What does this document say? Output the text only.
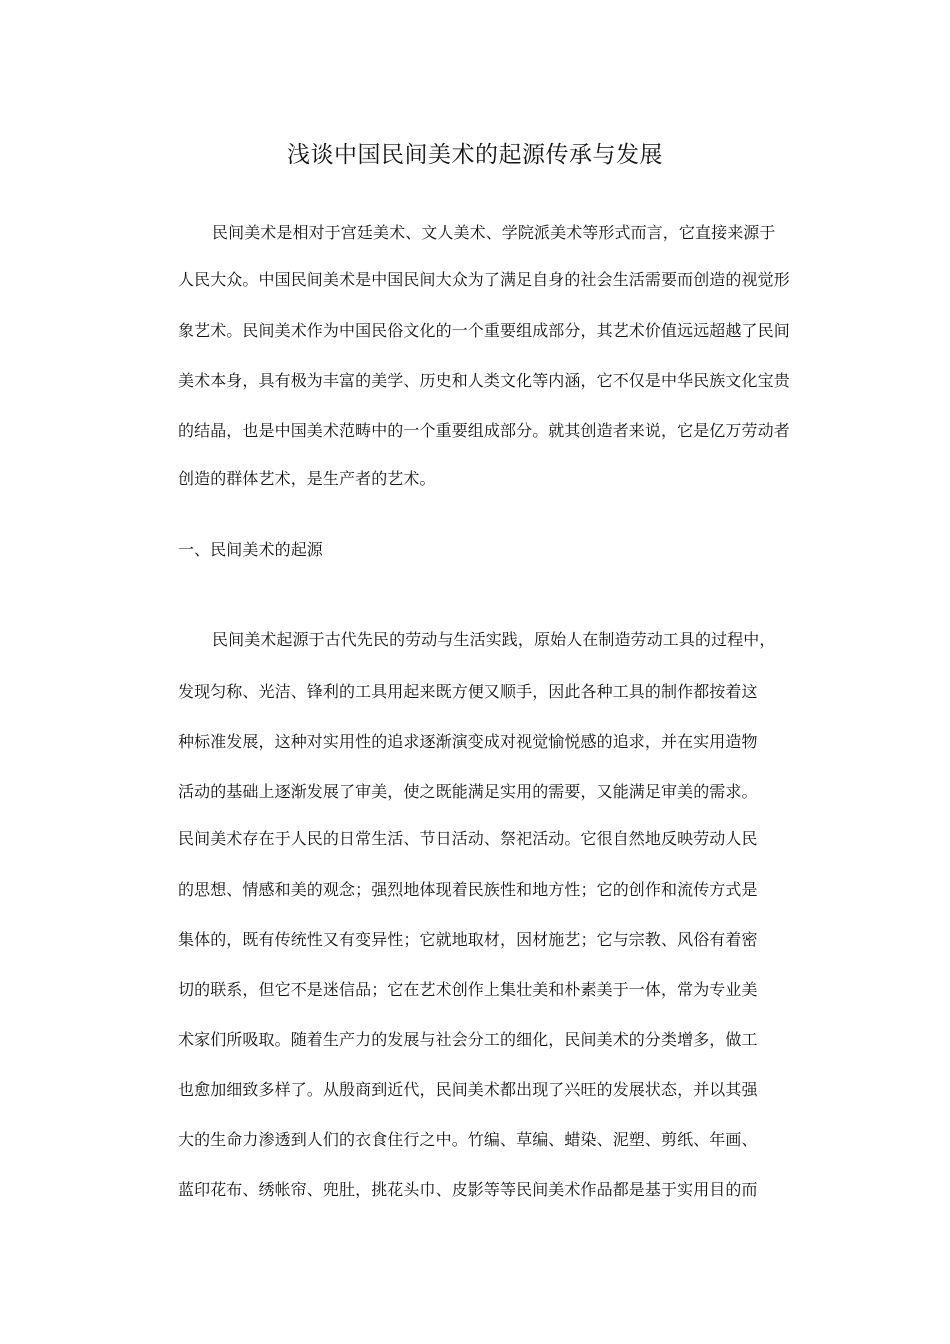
浅谈中国民间美术的起源传承与发展

民间美术是相对于宫廷美术、文人美术、学院派美术等形式而言，它直接来源于

人民大众。中国民间美术是中国民间大众为了满足自身的社会生活需要而创造的视觉形

象艺术。民间美术作为中国民俗文化的一个重要组成部分，其艺术价值远远超越了民间

美术本身，具有极为丰富的美学、历史和人类文化等内涵，它不仅是中华民族文化宝贵

的结晶，也是中国美术范畴中的一个重要组成部分。就其创造者来说，它是亿万劳动者

创造的群体艺术，是生产者的艺术。

一、民间美术的起源

民间美术起源于古代先民的劳动与生活实践，原始人在制造劳动工具的过程中，

发现匀称、光洁、锋利的工具用起来既方便又顺手，因此各种工具的制作都按着这

种标准发展，这种对实用性的追求逐渐演变成对视觉愉悦感的追求，并在实用造物

活动的基础上逐渐发展了审美，使之既能满足实用的需要，又能满足审美的需求。

民间美术存在于人民的日常生活、节日活动、祭祀活动。它很自然地反映劳动人民

的思想、情感和美的观念；强烈地体现着民族性和地方性；它的创作和流传方式是

集体的，既有传统性又有变异性；它就地取材，因材施艺；它与宗教、风俗有着密

切的联系，但它不是迷信品；它在艺术创作上集壮美和朴素美于一体，常为专业美

术家们所吸取。随着生产力的发展与社会分工的细化，民间美术的分类增多，做工

也愈加细致多样了。从殷商到近代，民间美术都出现了兴旺的发展状态，并以其强

大的生命力渗透到人们的衣食住行之中。竹编、草编、蜡染、泥塑、剪纸、年画、

蓝印花布、绣帐帘、兜肚，挑花头巾、皮影等等民间美术作品都是基于实用目的而
